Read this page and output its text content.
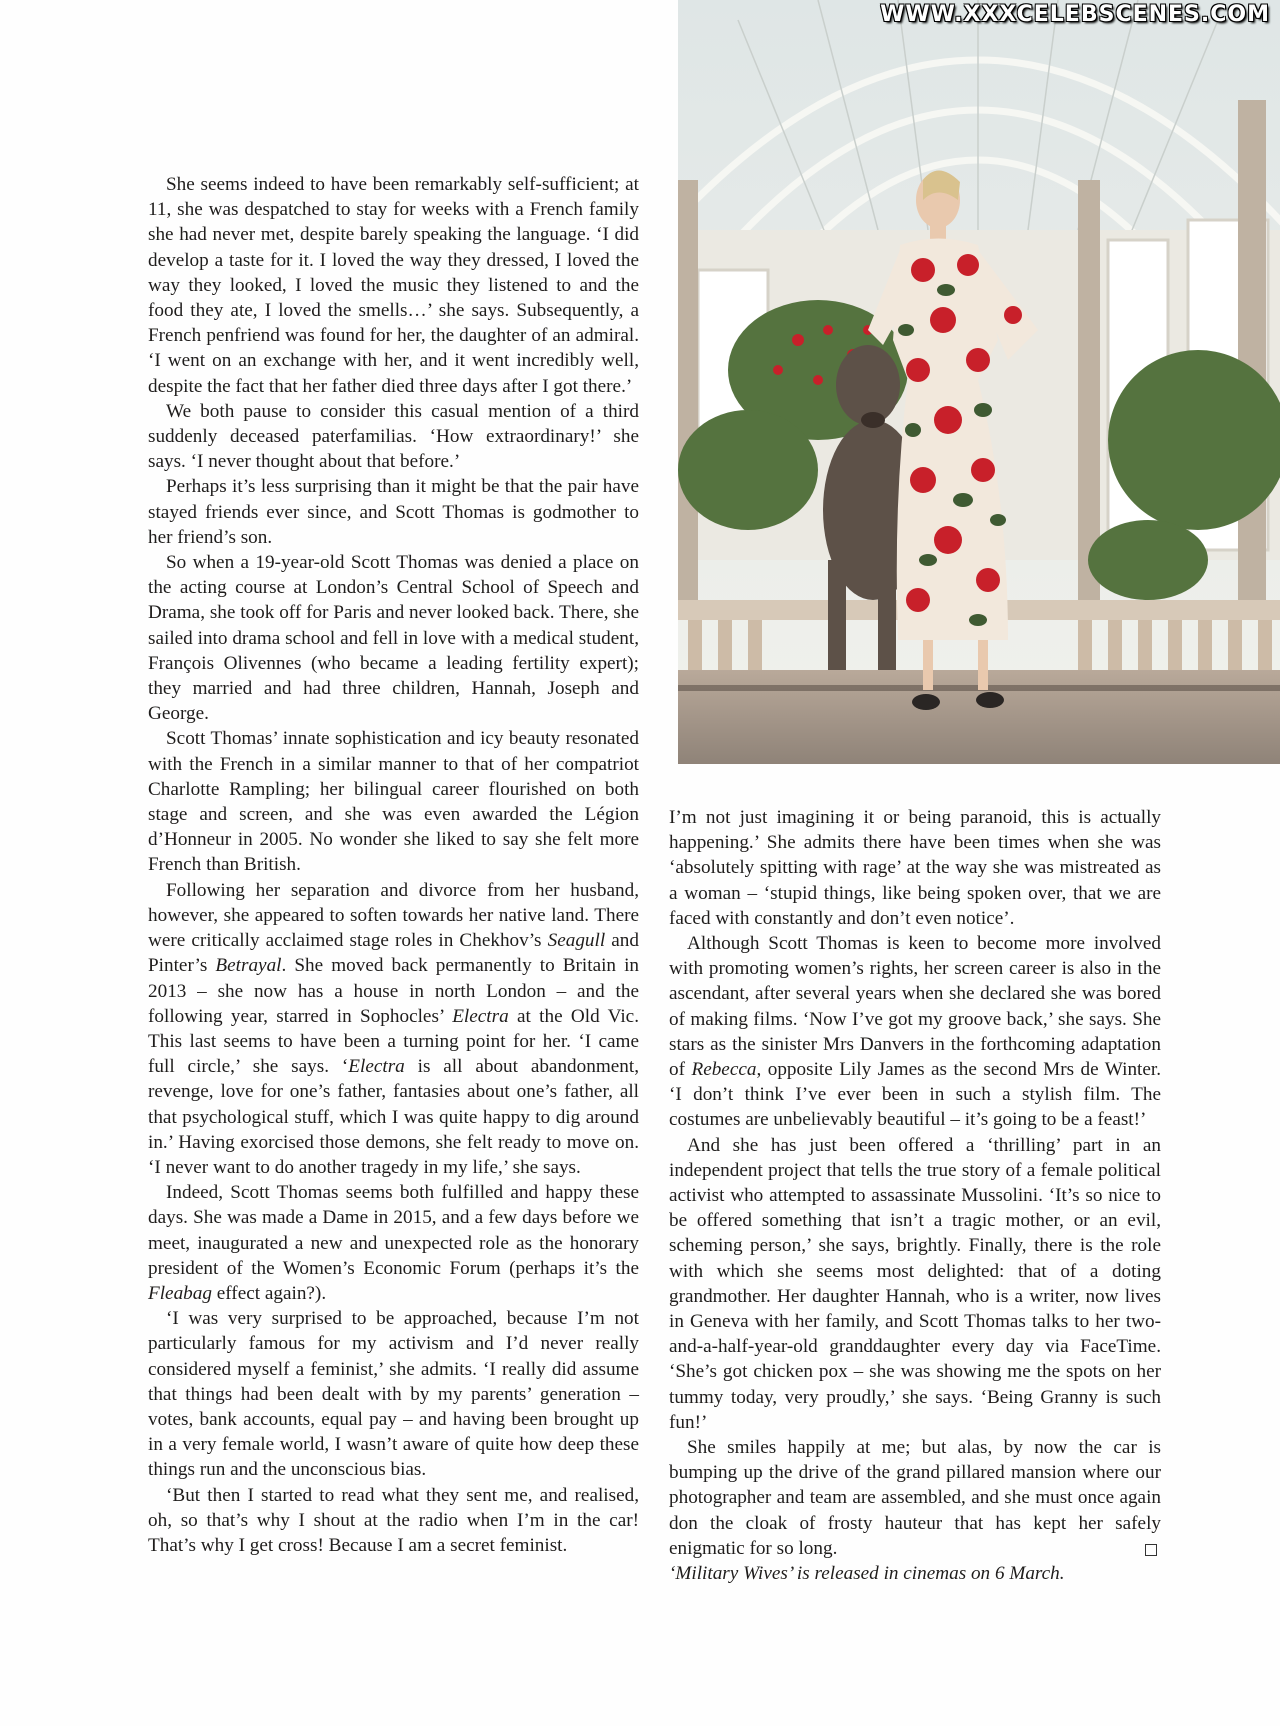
WWW.XXXCELEBSCENES.COM

She seems indeed to have been remarkably self-sufficient; at 11, she was despatched to stay for weeks with a French family she had never met, despite barely speaking the language. ‘I did develop a taste for it. I loved the way they dressed, I loved the way they looked, I loved the music they listened to and the food they ate, I loved the smells…’ she says. Subsequently, a French penfriend was found for her, the daughter of an admiral. ‘I went on an exchange with her, and it went incredibly well, despite the fact that her father died three days after I got there.’

We both pause to consider this casual mention of a third suddenly deceased paterfamilias. ‘How extraordinary!’ she says. ‘I never thought about that before.’

Perhaps it’s less surprising than it might be that the pair have stayed friends ever since, and Scott Thomas is godmother to her friend’s son.

So when a 19-year-old Scott Thomas was denied a place on the acting course at London’s Central School of Speech and Drama, she took off for Paris and never looked back. There, she sailed into drama school and fell in love with a medical student, François Olivennes (who became a leading fertility expert); they married and had three children, Hannah, Joseph and George.

Scott Thomas’ innate sophistication and icy beauty resonated with the French in a similar manner to that of her compatriot Charlotte Rampling; her bilingual career flourished on both stage and screen, and she was even awarded the Légion d’Honneur in 2005. No wonder she liked to say she felt more French than British.

Following her separation and divorce from her husband, however, she appeared to soften towards her native land. There were critically acclaimed stage roles in Chekhov’s Seagull and Pinter’s Betrayal. She moved back permanently to Britain in 2013 – she now has a house in north London – and the following year, starred in Sophocles’ Electra at the Old Vic. This last seems to have been a turning point for her. ‘I came full circle,’ she says. ‘Electra is all about abandonment, revenge, love for one’s father, fantasies about one’s father, all that psychological stuff, which I was quite happy to dig around in.’ Having exorcised those demons, she felt ready to move on. ‘I never want to do another tragedy in my life,’ she says.

Indeed, Scott Thomas seems both fulfilled and happy these days. She was made a Dame in 2015, and a few days before we meet, inaugurated a new and unexpected role as the honorary president of the Women’s Economic Forum (perhaps it’s the Fleabag effect again?).

‘I was very surprised to be approached, because I’m not particularly famous for my activism and I’d never really considered myself a feminist,’ she admits. ‘I really did assume that things had been dealt with by my parents’ generation – votes, bank accounts, equal pay – and having been brought up in a very female world, I wasn’t aware of quite how deep these things run and the unconscious bias.

‘But then I started to read what they sent me, and realised, oh, so that’s why I shout at the radio when I’m in the car! That’s why I get cross! Because I am a secret feminist.

I’m not just imagining it or being paranoid, this is actually happening.’ She admits there have been times when she was ‘absolutely spitting with rage’ at the way she was mistreated as a woman – ‘stupid things, like being spoken over, that we are faced with constantly and don’t even notice’.

Although Scott Thomas is keen to become more involved with promoting women’s rights, her screen career is also in the ascendant, after several years when she declared she was bored of making films. ‘Now I’ve got my groove back,’ she says. She stars as the sinister Mrs Danvers in the forthcoming adaptation of Rebecca, opposite Lily James as the second Mrs de Winter. ‘I don’t think I’ve ever been in such a stylish film. The costumes are unbelievably beautiful – it’s going to be a feast!’

And she has just been offered a ‘thrilling’ part in an independent project that tells the true story of a female political activist who attempted to assassinate Mussolini. ‘It’s so nice to be offered something that isn’t a tragic mother, or an evil, scheming person,’ she says, brightly. Finally, there is the role with which she seems most delighted: that of a doting grandmother. Her daughter Hannah, who is a writer, now lives in Geneva with her family, and Scott Thomas talks to her two-and-a-half-year-old granddaughter every day via FaceTime. ‘She’s got chicken pox – she was showing me the spots on her tummy today, very proudly,’ she says. ‘Being Granny is such fun!’

She smiles happily at me; but alas, by now the car is bumping up the drive of the grand pillared mansion where our photographer and team are assembled, and she must once again don the cloak of frosty hauteur that has kept her safely enigmatic for so long.

‘Military Wives’ is released in cinemas on 6 March.
